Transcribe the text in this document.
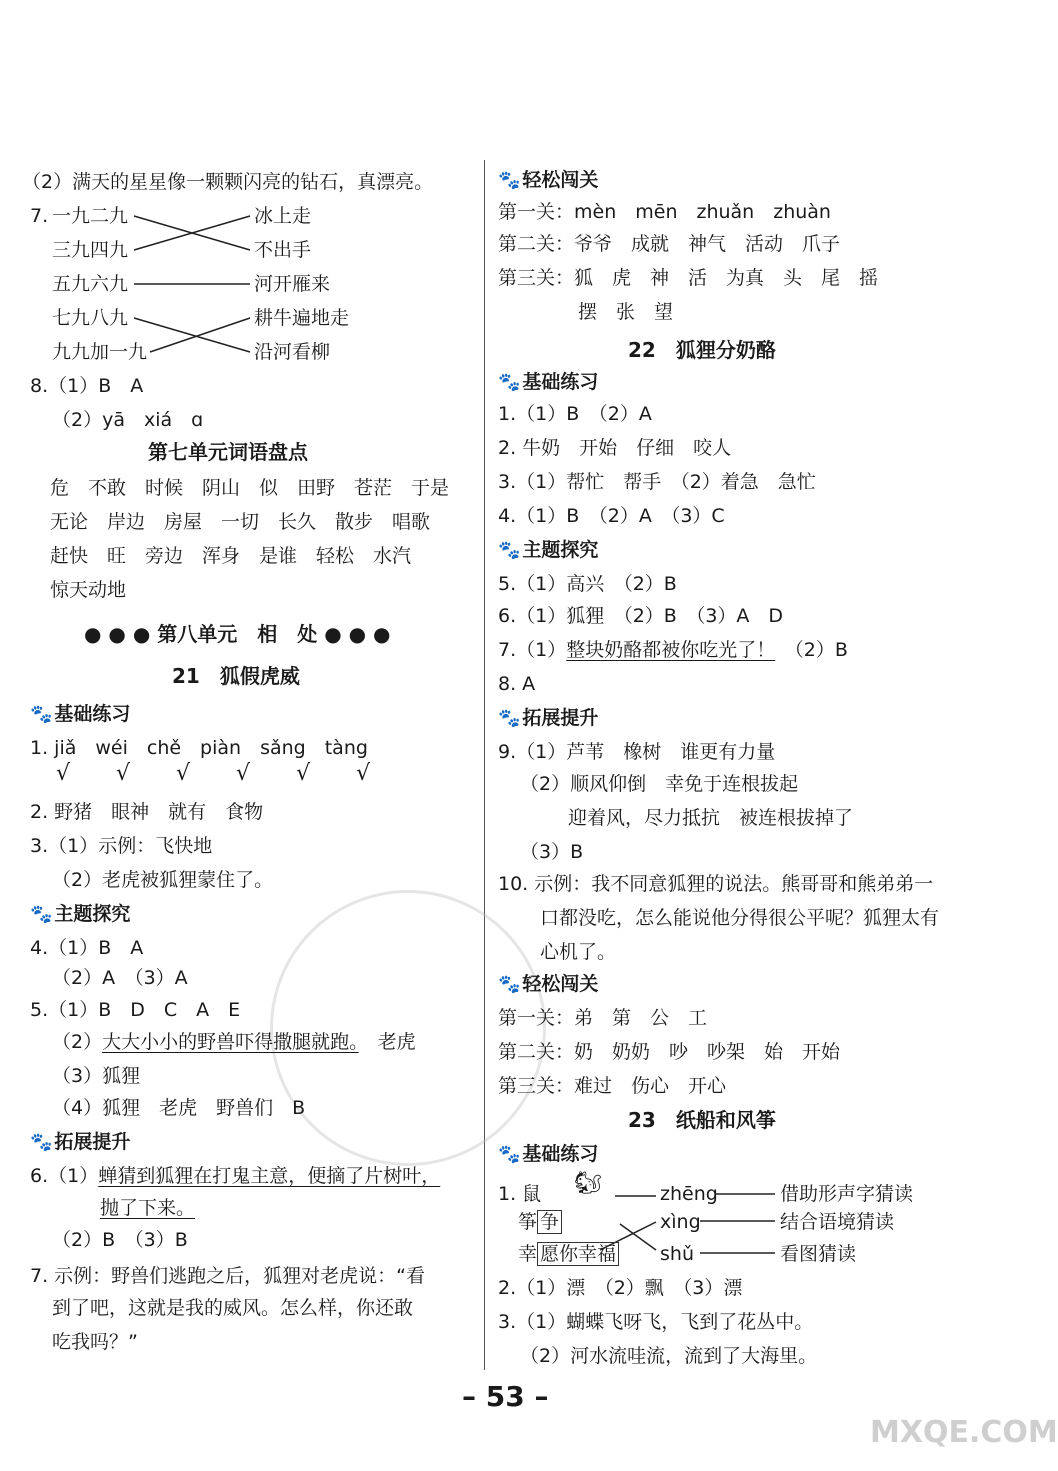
（2）满天的星星像一颗颗闪亮的钻石，真漂亮。
7. 一九二九
三九四九
五九六九
七九八九
九九加一九
冰上走
不出手
河开雁来
耕牛遍地走
沿河看柳
8.（1）B　A
（2）yā　xiá　ɑ
第七单元词语盘点
危　不敢　时候　阴山　似　田野　苍茫　于是
无论　岸边　房屋　一切　长久　散步　唱歌
赶快　旺　旁边　浑身　是谁　轻松　水汽
惊天动地
● ● ● 第八单元　相　处 ● ● ●
21　狐假虎威
🐾 基础练习
1. jiǎ　wéi　chě　piàn　sǎng　tàng
√　√　√　√　√　√
2. 野猪　眼神　就有　食物
3.（1）示例：飞快地
（2）老虎被狐狸蒙住了。
🐾 主题探究
4.（1）B　A
（2）A　（3）A
5.（1）B　D　C　A　E
（2）大大小小的野兽吓得撒腿就跑。　 老虎
（3）狐狸
（4）狐狸　老虎　野兽们　B
🐾 拓展提升
6.（1）蝉猜到狐狸在打鬼主意，便摘了片树叶，
抛了下来。
（2）B　（3）B
7. 示例：野兽们逃跑之后，狐狸对老虎说：“看
到了吧，这就是我的威风。怎么样，你还敢
吃我吗？”
🐾 轻松闯关
第一关：mèn　mēn　zhuǎn　zhuàn
第二关：爷爷　成就　神气　活动　爪子
第三关：狐　虎　神　活　为真　头　尾　摇
摆　张　望
22　狐狸分奶酪
🐾 基础练习
1.（1）B　（2）A
2. 牛奶　开始　仔细　咬人
3.（1）帮忙　帮手　（2）着急　急忙
4.（1）B　（2）A　（3）C
🐾 主题探究
5.（1）高兴　（2）B
6.（1）狐狸　（2）B　（3）A　D
7.（1）整块奶酪都被你吃光了！　 （2）B
8. A
🐾 拓展提升
9.（1）芦苇　橡树　谁更有力量
（2）顺风仰倒　幸免于连根拔起
迎着风，尽力抵抗　被连根拔掉了
（3）B
10. 示例：我不同意狐狸的说法。熊哥哥和熊弟弟一
口都没吃，怎么能说他分得很公平呢？狐狸太有
心机了。
🐾 轻松闯关
第一关：弟　第　公　工
第二关：奶　奶奶　吵　吵架　始　开始
第三关：难过　伤心　开心
23　纸船和风筝
🐾 基础练习
1. 鼠 🐿
筝 争
幸 愿你幸福
zhēng
xìng
shǔ
借助形声字猜读
结合语境猜读
看图猜读
2.（1）漂　（2）飘　（3）漂
3.（1）蝴蝶飞呀飞，飞到了花丛中。
（2）河水流哇流，流到了大海里。
– 53 –
MXQE.COM
